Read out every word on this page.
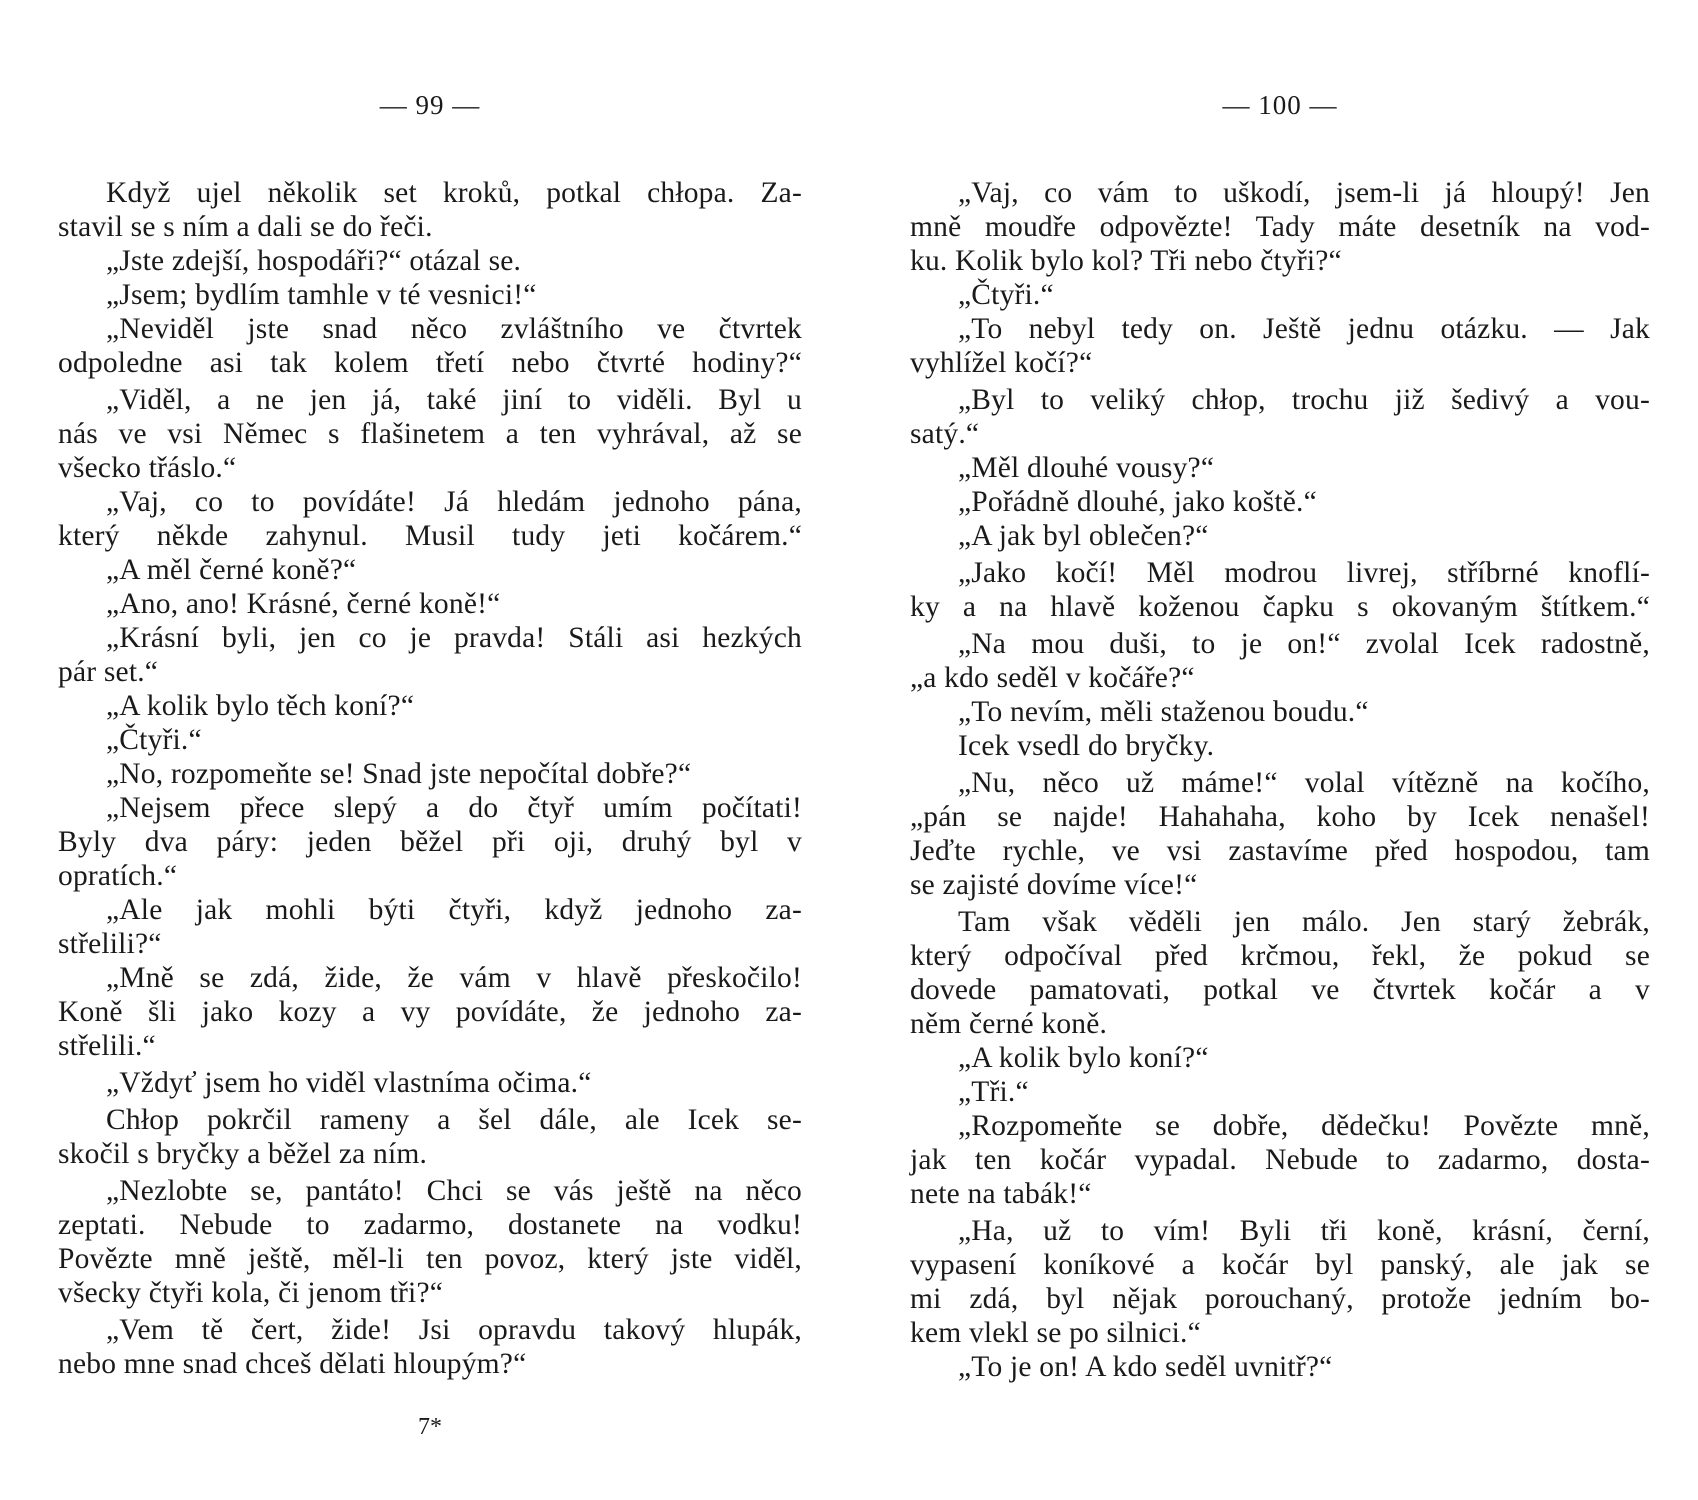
— 99 —
Když ujel několik set kroků, potkal chłopa. Za-
stavil se s ním a dali se do řeči.
„Jste zdejší, hospodáři?“ otázal se.
„Jsem; bydlím tamhle v té vesnici!“
„Neviděl jste snad něco zvláštního ve čtvrtek
odpoledne asi tak kolem třetí nebo čtvrté hodiny?“
„Viděl, a ne jen já, také jiní to viděli. Byl u
nás ve vsi Němec s flašinetem a ten vyhrával, až se
všecko třáslo.“
„Vaj, co to povídáte! Já hledám jednoho pána,
který někde zahynul. Musil tudy jeti kočárem.“
„A měl černé koně?“
„Ano, ano! Krásné, černé koně!“
„Krásní byli, jen co je pravda! Stáli asi hezkých
pár set.“
„A kolik bylo těch koní?“
„Čtyři.“
„No, rozpomeňte se! Snad jste nepočítal dobře?“
„Nejsem přece slepý a do čtyř umím počítati!
Byly dva páry: jeden běžel při oji, druhý byl v
opratích.“
„Ale jak mohli býti čtyři, když jednoho za-
střelili?“
„Mně se zdá, žide, že vám v hlavě přeskočilo!
Koně šli jako kozy a vy povídáte, že jednoho za-
střelili.“
„Vždyť jsem ho viděl vlastníma očima.“
Chłop pokrčil rameny a šel dále, ale Icek se-
skočil s bryčky a běžel za ním.
„Nezlobte se, pantáto! Chci se vás ještě na něco
zeptati. Nebude to zadarmo, dostanete na vodku!
Povězte mně ještě, měl-li ten povoz, který jste viděl,
všecky čtyři kola, či jenom tři?“
„Vem tě čert, žide! Jsi opravdu takový hlupák,
nebo mne snad chceš dělati hloupým?“
7*
— 100 —
„Vaj, co vám to uškodí, jsem-li já hloupý! Jen
mně moudře odpovězte! Tady máte desetník na vod-
ku. Kolik bylo kol? Tři nebo čtyři?“
„Čtyři.“
„To nebyl tedy on. Ještě jednu otázku. — Jak
vyhlížel kočí?“
„Byl to veliký chłop, trochu již šedivý a vou-
satý.“
„Měl dlouhé vousy?“
„Pořádně dlouhé, jako koště.“
„A jak byl oblečen?“
„Jako kočí! Měl modrou livrej, stříbrné knoflí-
ky a na hlavě koženou čapku s okovaným štítkem.“
„Na mou duši, to je on!“ zvolal Icek radostně,
„a kdo seděl v kočáře?“
„To nevím, měli staženou boudu.“
Icek vsedl do bryčky.
„Nu, něco už máme!“ volal vítězně na kočího,
„pán se najde! Hahahaha, koho by Icek nenašel!
Jeďte rychle, ve vsi zastavíme před hospodou, tam
se zajisté dovíme více!“
Tam však věděli jen málo. Jen starý žebrák,
který odpočíval před krčmou, řekl, že pokud se
dovede pamatovati, potkal ve čtvrtek kočár a v
něm černé koně.
„A kolik bylo koní?“
„Tři.“
„Rozpomeňte se dobře, dědečku! Povězte mně,
jak ten kočár vypadal. Nebude to zadarmo, dosta-
nete na tabák!“
„Ha, už to vím! Byli tři koně, krásní, černí,
vypasení koníkové a kočár byl panský, ale jak se
mi zdá, byl nějak porouchaný, protože jedním bo-
kem vlekl se po silnici.“
„To je on! A kdo seděl uvnitř?“
